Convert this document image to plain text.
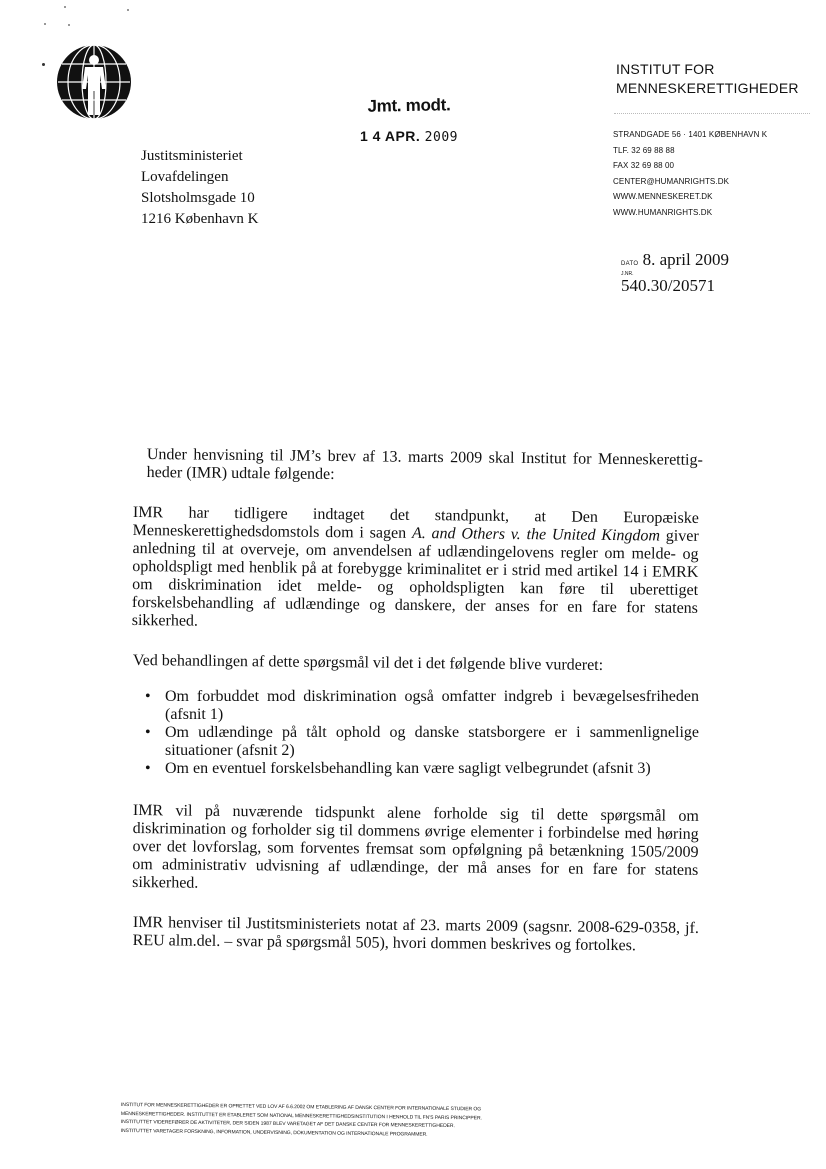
INSTITUT FOR
MENNESKERETTIGHEDER
STRANDGADE 56 · 1401 KØBENHAVN K
TLF. 32 69 88 88
FAX 32 69 88 00
CENTER@HUMANRIGHTS.DK
WWW.MENNESKERET.DK
WWW.HUMANRIGHTS.DK
Jmt. modt.
1 4 APR. 2009
Justitsministeriet
Lovafdelingen
Slotsholmsgade 10
1216 København K
DATO 8. april 2009
J.NR.
540.30/20571

Under henvisning til JM’s brev af 13. marts 2009 skal Institut for Menneskerettig-heder (IMR) udtale følgende:

IMR har tidligere indtaget det standpunkt, at Den Europæiske Menneskerettighedsdomstols dom i sagen A. and Others v. the United Kingdom giver anledning til at overveje, om anvendelsen af udlændingelovens regler om melde- og opholdspligt med henblik på at forebygge kriminalitet er i strid med artikel 14 i EMRK om diskrimination idet melde- og opholdspligten kan føre til uberettiget forskelsbehandling af udlændinge og danskere, der anses for en fare for statens sikkerhed.

Ved behandlingen af dette spørgsmål vil det i det følgende blive vurderet:

• Om forbuddet mod diskrimination også omfatter indgreb i bevægelsesfriheden (afsnit 1)
• Om udlændinge på tålt ophold og danske statsborgere er i sammenlignelige situationer (afsnit 2)
• Om en eventuel forskelsbehandling kan være sagligt velbegrundet (afsnit 3)

IMR vil på nuværende tidspunkt alene forholde sig til dette spørgsmål om diskrimination og forholder sig til dommens øvrige elementer i forbindelse med høring over det lovforslag, som forventes fremsat som opfølgning på betænkning 1505/2009 om administrativ udvisning af udlændinge, der må anses for en fare for statens sikkerhed.

IMR henviser til Justitsministeriets notat af 23. marts 2009 (sagsnr. 2008-629-0358, jf. REU alm.del. – svar på spørgsmål 505), hvori dommen beskrives og fortolkes.

INSTITUT FOR MENNESKERETTIGHEDER ER OPRETTET VED LOV AF 6.6.2002 OM ETABLERING AF DANSK CENTER FOR INTERNATIONALE STUDIER OG
MENNESKERETTIGHEDER. INSTITUTTET ER ETABLERET SOM NATIONAL MENNESKERETTIGHEDSINSTITUTION I HENHOLD TIL FN'S PARIS PRINCIPPER.
INSTITUTTET VIDEREFØRER DE AKTIVITETER, DER SIDEN 1987 BLEV VARETAGET AF DET DANSKE CENTER FOR MENNESKERETTIGHEDER.
INSTITUTTET VARETAGER FORSKNING, INFORMATION, UNDERVISNING, DOKUMENTATION OG INTERNATIONALE PROGRAMMER.
